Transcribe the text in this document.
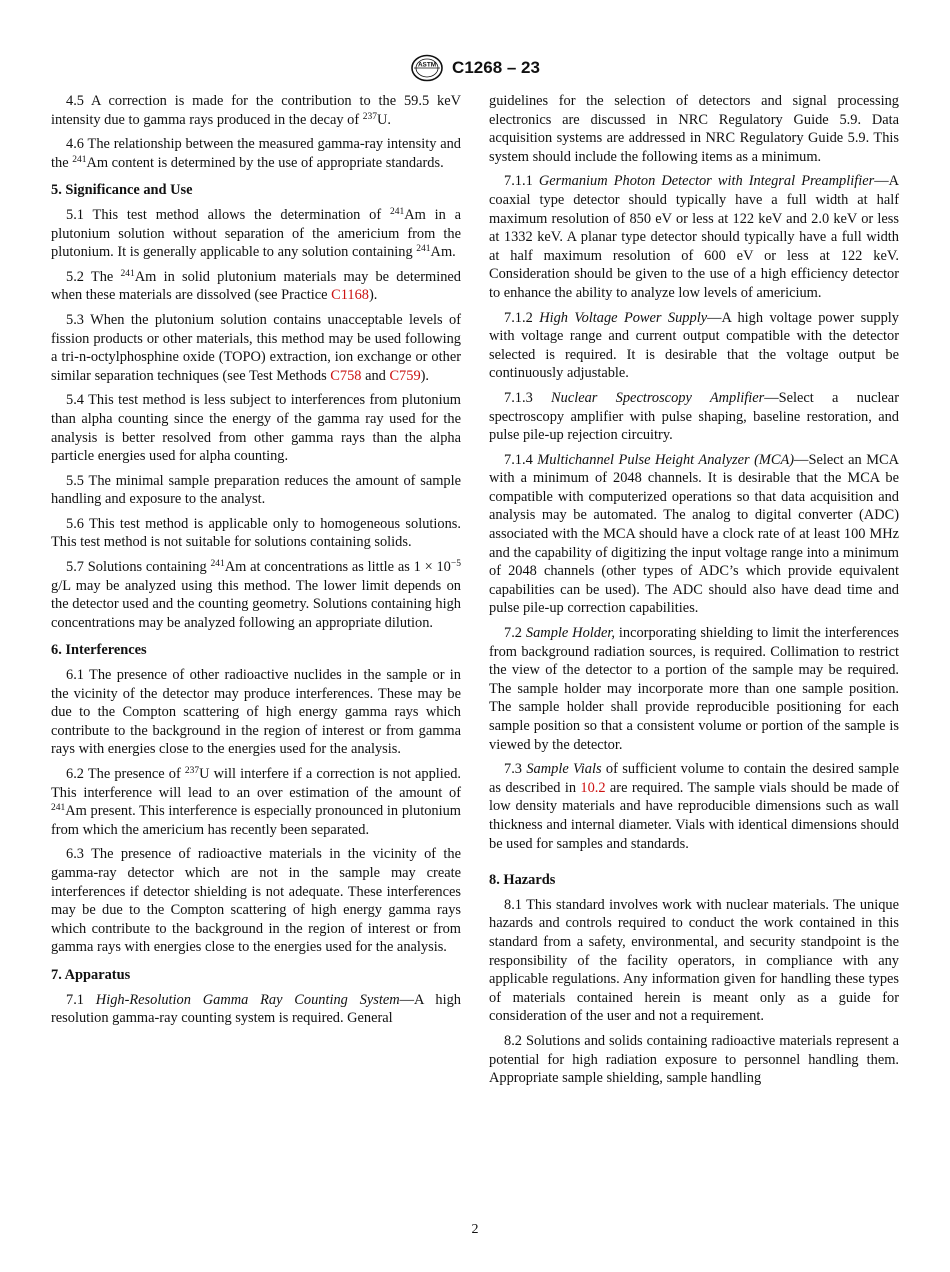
ASTM C1268 – 23

4.5 A correction is made for the contribution to the 59.5 keV intensity due to gamma rays produced in the decay of $^{237}$U.

4.6 The relationship between the measured gamma-ray intensity and the $^{241}$Am content is determined by the use of appropriate standards.

5. Significance and Use

5.1 This test method allows the determination of $^{241}$Am in a plutonium solution without separation of the americium from the plutonium. It is generally applicable to any solution containing $^{241}$Am.

5.2 The $^{241}$Am in solid plutonium materials may be determined when these materials are dissolved (see Practice C1168).

5.3 When the plutonium solution contains unacceptable levels of fission products or other materials, this method may be used following a tri-n-octylphosphine oxide (TOPO) extraction, ion exchange or other similar separation techniques (see Test Methods C758 and C759).

5.4 This test method is less subject to interferences from plutonium than alpha counting since the energy of the gamma ray used for the analysis is better resolved from other gamma rays than the alpha particle energies used for alpha counting.

5.5 The minimal sample preparation reduces the amount of sample handling and exposure to the analyst.

5.6 This test method is applicable only to homogeneous solutions. This test method is not suitable for solutions containing solids.

5.7 Solutions containing $^{241}$Am at concentrations as little as $1 \times 10^{-5}$ g/L may be analyzed using this method. The lower limit depends on the detector used and the counting geometry. Solutions containing high concentrations may be analyzed following an appropriate dilution.

6. Interferences

6.1 The presence of other radioactive nuclides in the sample or in the vicinity of the detector may produce interferences. These may be due to the Compton scattering of high energy gamma rays which contribute to the background in the region of interest or from gamma rays with energies close to the energies used for the analysis.

6.2 The presence of $^{237}$U will interfere if a correction is not applied. This interference will lead to an over estimation of the amount of $^{241}$Am present. This interference is especially pronounced in plutonium from which the americium has recently been separated.

6.3 The presence of radioactive materials in the vicinity of the gamma-ray detector which are not in the sample may create interferences if detector shielding is not adequate. These interferences may be due to the Compton scattering of high energy gamma rays which contribute to the background in the region of interest or from gamma rays with energies close to the energies used for the analysis.

7. Apparatus

7.1 High-Resolution Gamma Ray Counting System—A high resolution gamma-ray counting system is required. General

guidelines for the selection of detectors and signal processing electronics are discussed in NRC Regulatory Guide 5.9. Data acquisition systems are addressed in NRC Regulatory Guide 5.9. This system should include the following items as a minimum.

7.1.1 Germanium Photon Detector with Integral Preamplifier—A coaxial type detector should typically have a full width at half maximum resolution of 850 eV or less at 122 keV and 2.0 keV or less at 1332 keV. A planar type detector should typically have a full width at half maximum resolution of 600 eV or less at 122 keV. Consideration should be given to the use of a high efficiency detector to enhance the ability to analyze low levels of americium.

7.1.2 High Voltage Power Supply—A high voltage power supply with voltage range and current output compatible with the detector selected is required. It is desirable that the voltage output be continuously adjustable.

7.1.3 Nuclear Spectroscopy Amplifier—Select a nuclear spectroscopy amplifier with pulse shaping, baseline restoration, and pulse pile-up rejection circuitry.

7.1.4 Multichannel Pulse Height Analyzer (MCA)—Select an MCA with a minimum of 2048 channels. It is desirable that the MCA be compatible with computerized operations so that data acquisition and analysis may be automated. The analog to digital converter (ADC) associated with the MCA should have a clock rate of at least 100 MHz and the capability of digitizing the input voltage range into a minimum of 2048 channels (other types of ADC’s which provide equivalent capabilities can be used). The ADC should also have dead time and pulse pile-up correction capabilities.

7.2 Sample Holder, incorporating shielding to limit the interferences from background radiation sources, is required. Collimation to restrict the view of the detector to a portion of the sample may be required. The sample holder may incorporate more than one sample position. The sample holder shall provide reproducible positioning for each sample position so that a consistent volume or portion of the sample is viewed by the detector.

7.3 Sample Vials of sufficient volume to contain the desired sample as described in 10.2 are required. The sample vials should be made of low density materials and have reproducible dimensions such as wall thickness and internal diameter. Vials with identical dimensions should be used for samples and standards.

8. Hazards

8.1 This standard involves work with nuclear materials. The unique hazards and controls required to conduct the work contained in this standard from a safety, environmental, and security standpoint is the responsibility of the facility operators, in compliance with any applicable regulations. Any information given for handling these types of materials contained herein is meant only as a guide for consideration of the user and not a requirement.

8.2 Solutions and solids containing radioactive materials represent a potential for high radiation exposure to personnel handling them. Appropriate sample shielding, sample handling

2
